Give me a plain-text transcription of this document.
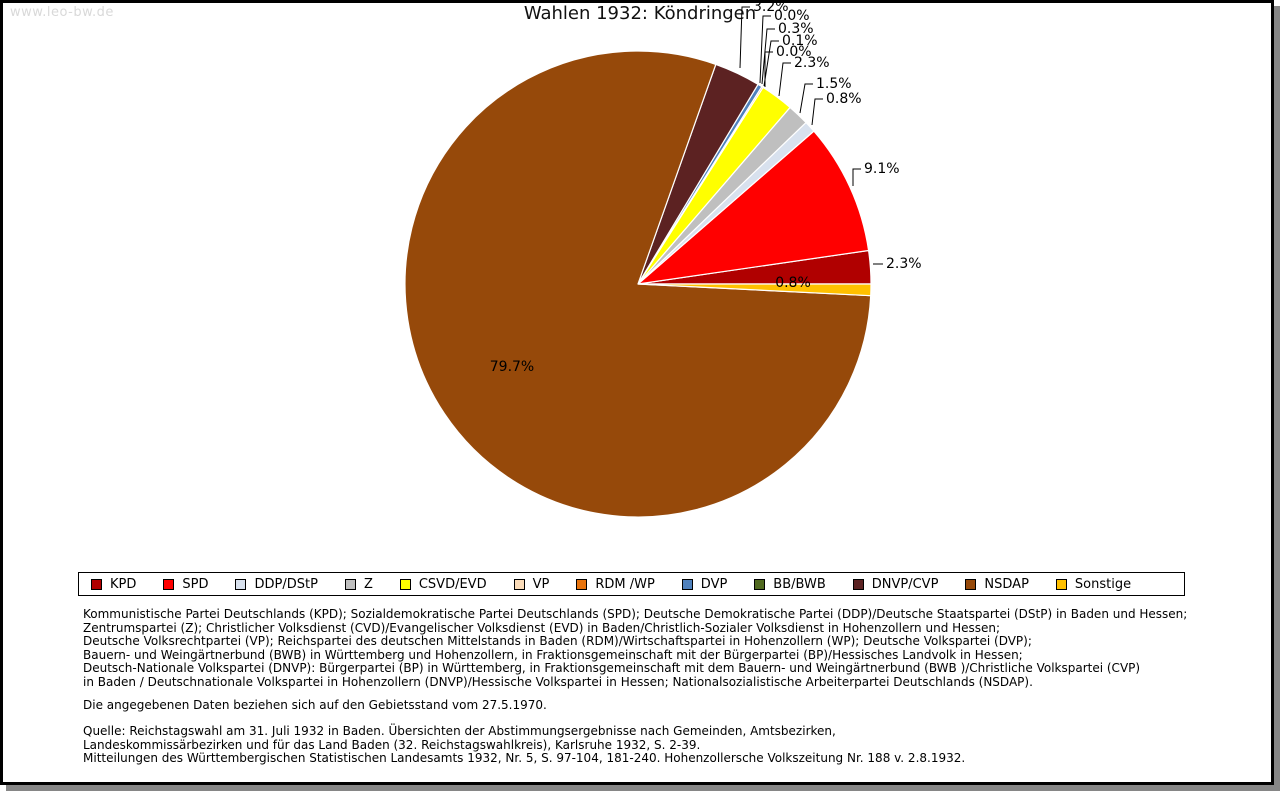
www.leo-bw.de	Wahlen 1932: Köndringen
2.3%
9.1%
0.8%
1.5%
2.3%
0.0%
0.1%
0.3%
0.0%
3.2%
79.7%
0.8%
KPD	SPD	DDP/DStP	Z	CSVD/EVD	VP	RDM /WP	DVP	BB/BWB	DNVP/CVP	NSDAP	Sonstige
Kommunistische Partei Deutschlands (KPD); Sozialdemokratische Partei Deutschlands (SPD); Deutsche Demokratische Partei (DDP)/Deutsche Staatspartei (DStP) in Baden und Hessen;
Zentrumspartei (Z); Christlicher Volksdienst (CVD)/Evangelischer Volksdienst (EVD) in Baden/Christlich-Sozialer Volksdienst in Hohenzollern und Hessen;
Deutsche Volksrechtpartei (VP); Reichspartei des deutschen Mittelstands in Baden (RDM)/Wirtschaftspartei in Hohenzollern (WP); Deutsche Volkspartei (DVP);
Bauern- und Weingärtnerbund (BWB) in Württemberg und Hohenzollern, in Fraktionsgemeinschaft mit der Bürgerpartei (BP)/Hessisches Landvolk in Hessen;
Deutsch-Nationale Volkspartei (DNVP): Bürgerpartei (BP) in Württemberg, in Fraktionsgemeinschaft mit dem Bauern- und Weingärtnerbund (BWB )/Christliche Volkspartei (CVP)
in Baden / Deutschnationale Volkspartei in Hohenzollern (DNVP)/Hessische Volkspartei in Hessen; Nationalsozialistische Arbeiterpartei Deutschlands (NSDAP).
Die angegebenen Daten beziehen sich auf den Gebietsstand vom 27.5.1970.
Quelle: Reichstagswahl am 31. Juli 1932 in Baden. Übersichten der Abstimmungsergebnisse nach Gemeinden, Amtsbezirken,
Landeskommissärbezirken und für das Land Baden (32. Reichstagswahlkreis), Karlsruhe 1932, S. 2-39.
Mitteilungen des Württembergischen Statistischen Landesamts 1932, Nr. 5, S. 97-104, 181-240. Hohenzollersche Volkszeitung Nr. 188 v. 2.8.1932.
